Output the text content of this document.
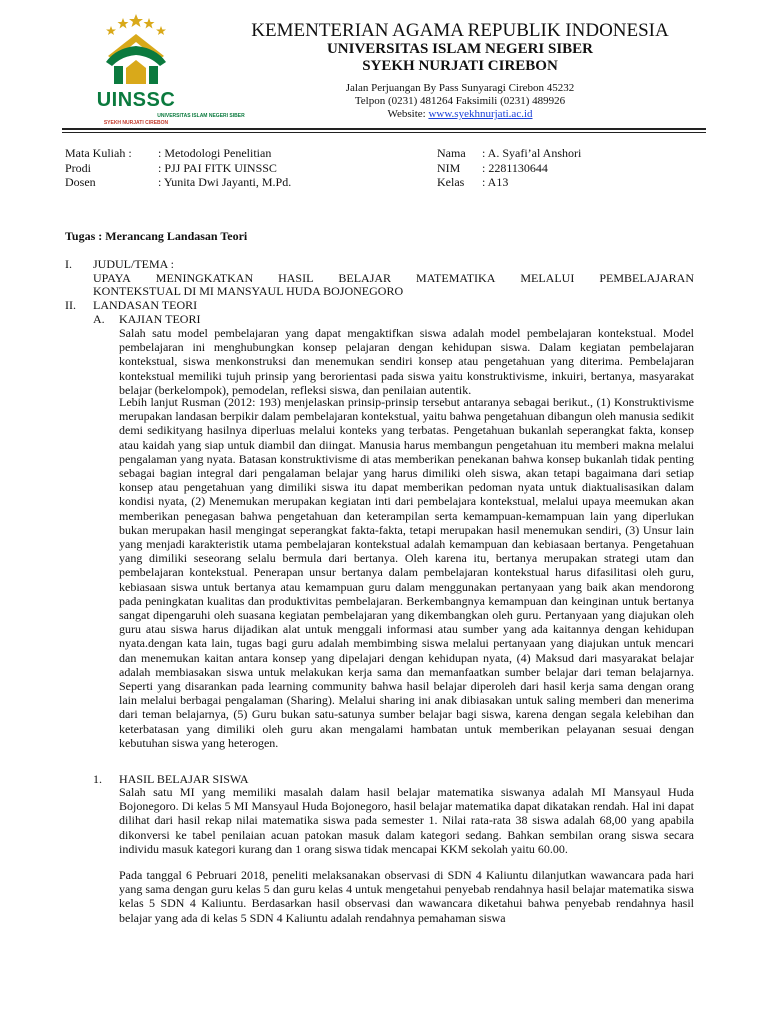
UINSSC
UNIVERSITAS ISLAM NEGERI SIBER
SYEKH NURJATI CIREBON
KEMENTERIAN AGAMA REPUBLIK INDONESIA
UNIVERSITAS ISLAM NEGERI SIBER
SYEKH NURJATI CIREBON
Jalan Perjuangan By Pass Sunyaragi Cirebon 45232
Telpon (0231) 481264 Faksimili (0231) 489926
Website: www.syekhnurjati.ac.id
Mata Kuliah :
Prodi
Dosen
: Metodologi Penelitian
: PJJ PAI FITK UINSSC
: Yunita Dwi Jayanti, M.Pd.
Nama
NIM
Kelas
: A. Syafi’al Anshori
: 2281130644
: A13
Tugas : Merancang Landasan Teori
I. JUDUL/TEMA :
UPAYA MENINGKATKAN HASIL BELAJAR MATEMATIKA MELALUI PEMBELAJARAN
KONTEKSTUAL DI MI MANSYAUL HUDA BOJONEGORO
II. LANDASAN TEORI
A. KAJIAN TEORI
Salah satu model pembelajaran yang dapat mengaktifkan siswa adalah model pembelajaran kontekstual. Model pembelajaran ini menghubungkan konsep pelajaran dengan kehidupan siswa. Dalam kegiatan pembelajaran kontekstual, siswa menkonstruksi dan menemukan sendiri konsep atau pengetahuan yang diterima. Pembelajaran kontekstual memiliki tujuh prinsip yang berorientasi pada siswa yaitu konstruktivisme, inkuiri, bertanya, masyarakat belajar (berkelompok), pemodelan, refleksi siswa, dan penilaian autentik.
Lebih lanjut Rusman (2012: 193) menjelaskan prinsip-prinsip tersebut antaranya sebagai berikut., (1) Konstruktivisme merupakan landasan berpikir dalam pembelajaran kontekstual, yaitu bahwa pengetahuan dibangun oleh manusia sedikit demi sedikityang hasilnya diperluas melalui konteks yang terbatas. Pengetahuan bukanlah seperangkat fakta, konsep atau kaidah yang siap untuk diambil dan diingat. Manusia harus membangun pengetahuan itu memberi makna melalui pengalaman yang nyata. Batasan konstruktivisme di atas memberikan penekanan bahwa konsep bukanlah tidak penting sebagai bagian integral dari pengalaman belajar yang harus dimiliki oleh siswa, akan tetapi bagaimana dari setiap konsep atau pengetahuan yang dimiliki siswa itu dapat memberikan pedoman nyata untuk diaktualisasikan dalam kondisi nyata, (2) Menemukan merupakan kegiatan inti dari pembelajara kontekstual, melalui upaya meemukan akan memberikan penegasan bahwa pengetahuan dan keterampilan serta kemampuan-kemampuan lain yang diperlukan bukan merupakan hasil mengingat seperangkat fakta-fakta, tetapi merupakan hasil menemukan sendiri, (3) Unsur lain yang menjadi karakteristik utama pembelajaran kontekstual adalah kemampuan dan kebiasaan bertanya. Pengetahuan yang dimiliki seseorang selalu bermula dari bertanya. Oleh karena itu, bertanya merupakan strategi utam dan pembelajaran kontekstual. Penerapan unsur bertanya dalam pembelajaran kontekstual harus difasilitasi oleh guru, kebiasaan siswa untuk bertanya atau kemampuan guru dalam menggunakan pertanyaan yang baik akan mendorong pada peningkatan kualitas dan produktivitas pembelajaran. Berkembangnya kemampuan dan keinginan untuk bertanya sangat dipengaruhi oleh suasana kegiatan pembelajaran yang dikembangkan oleh guru. Pertanyaan yang diajukan oleh guru atau siswa harus dijadikan alat untuk menggali informasi atau sumber yang ada kaitannya dengan kehidupan nyata.dengan kata lain, tugas bagi guru adalah membimbing siswa melalui pertanyaan yang diajukan untuk mencari dan menemukan kaitan antara konsep yang dipelajari dengan kehidupan nyata, (4) Maksud dari masyarakat belajar adalah membiasakan siswa untuk melakukan kerja sama dan memanfaatkan sumber belajar dari teman belajarnya. Seperti yang disarankan pada learning community bahwa hasil belajar diperoleh dari hasil kerja sama dengan orang lain melalui berbagai pengalaman (Sharing). Melalui sharing ini anak dibiasakan untuk saling memberi dan menerima dari teman belajarnya, (5) Guru bukan satu-satunya sumber belajar bagi siswa, karena dengan segala kelebihan dan keterbatasan yang dimiliki oleh guru akan mengalami hambatan untuk memberikan pelayanan sesuai dengan kebutuhan siswa yang heterogen.
1. HASIL BELAJAR SISWA
Salah satu MI yang memiliki masalah dalam hasil belajar matematika siswanya adalah MI Mansyaul Huda Bojonegoro. Di kelas 5 MI Mansyaul Huda Bojonegoro, hasil belajar matematika dapat dikatakan rendah. Hal ini dapat dilihat dari hasil rekap nilai matematika siswa pada semester 1. Nilai rata-rata 38 siswa adalah 68,00 yang apabila dikonversi ke tabel penilaian acuan patokan masuk dalam kategori sedang. Bahkan sembilan orang siswa secara individu masuk kategori kurang dan 1 orang siswa tidak mencapai KKM sekolah yaitu 60.00.
Pada tanggal 6 Pebruari 2018, peneliti melaksanakan observasi di SDN 4 Kaliuntu dilanjutkan wawancara pada hari yang sama dengan guru kelas 5 dan guru kelas 4 untuk mengetahui penyebab rendahnya hasil belajar matematika siswa kelas 5 SDN 4 Kaliuntu. Berdasarkan hasil observasi dan wawancara diketahui bahwa penyebab rendahnya hasil belajar yang ada di kelas 5 SDN 4 Kaliuntu adalah rendahnya pemahaman siswa
